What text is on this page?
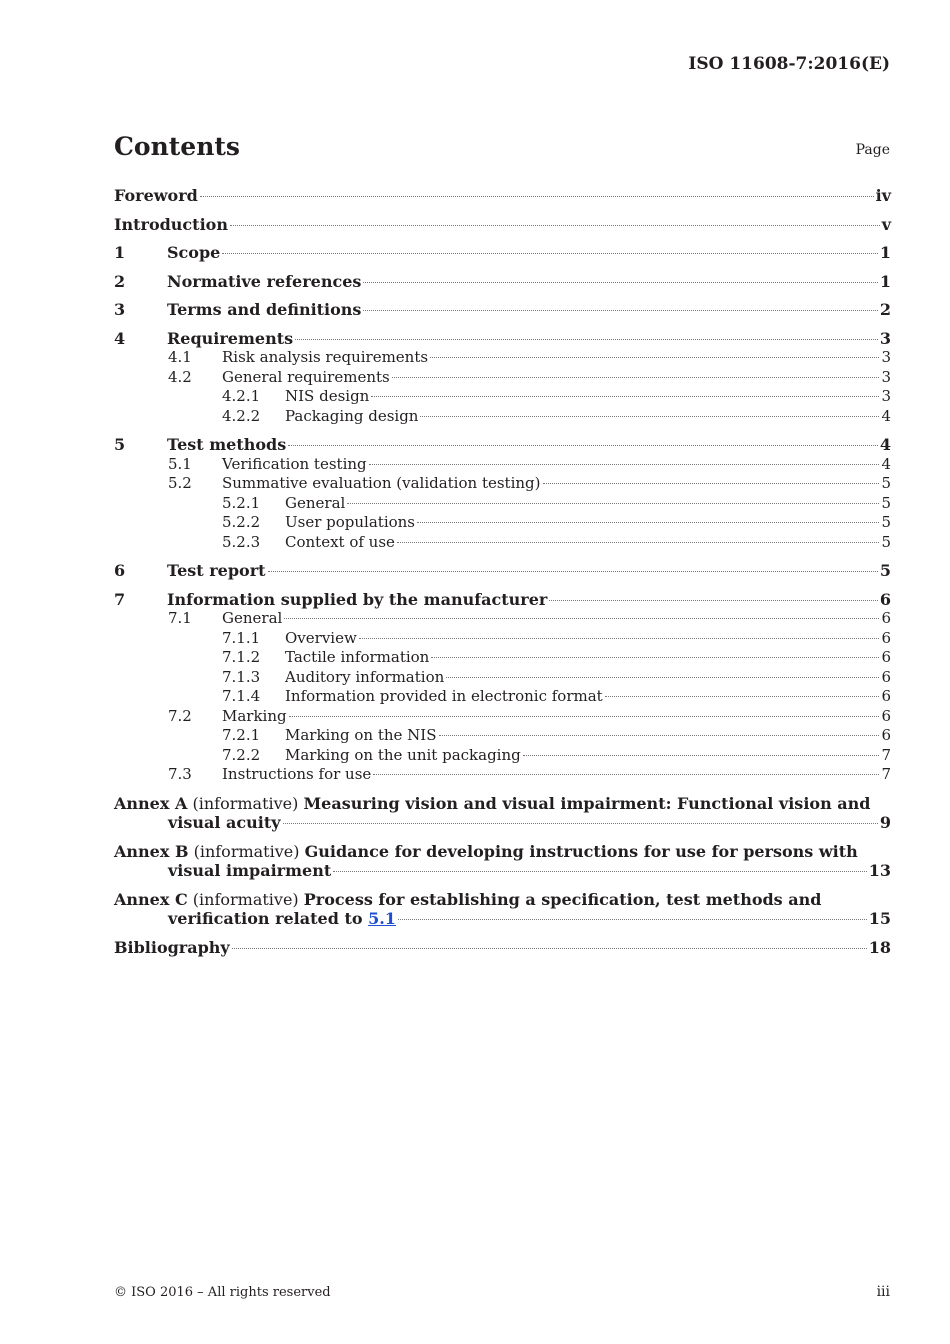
ISO 11608-7:2016(E)
Contents	Page
Foreword	iv
Introduction	v
1	Scope	1
2	Normative references	1
3	Terms and definitions	2
4	Requirements	3
4.1	Risk analysis requirements	3
4.2	General requirements	3
4.2.1	NIS design	3
4.2.2	Packaging design	4
5	Test methods	4
5.1	Verification testing	4
5.2	Summative evaluation (validation testing)	5
5.2.1	General	5
5.2.2	User populations	5
5.2.3	Context of use	5
6	Test report	5
7	Information supplied by the manufacturer	6
7.1	General	6
7.1.1	Overview	6
7.1.2	Tactile information	6
7.1.3	Auditory information	6
7.1.4	Information provided in electronic format	6
7.2	Marking	6
7.2.1	Marking on the NIS	6
7.2.2	Marking on the unit packaging	7
7.3	Instructions for use	7
Annex A (informative) Measuring vision and visual impairment: Functional vision and
visual acuity	9
Annex B (informative) Guidance for developing instructions for use for persons with
visual impairment	13
Annex C (informative) Process for establishing a specification, test methods and
verification related to 5.1	15
Bibliography	18
© ISO 2016 – All rights reserved	iii
